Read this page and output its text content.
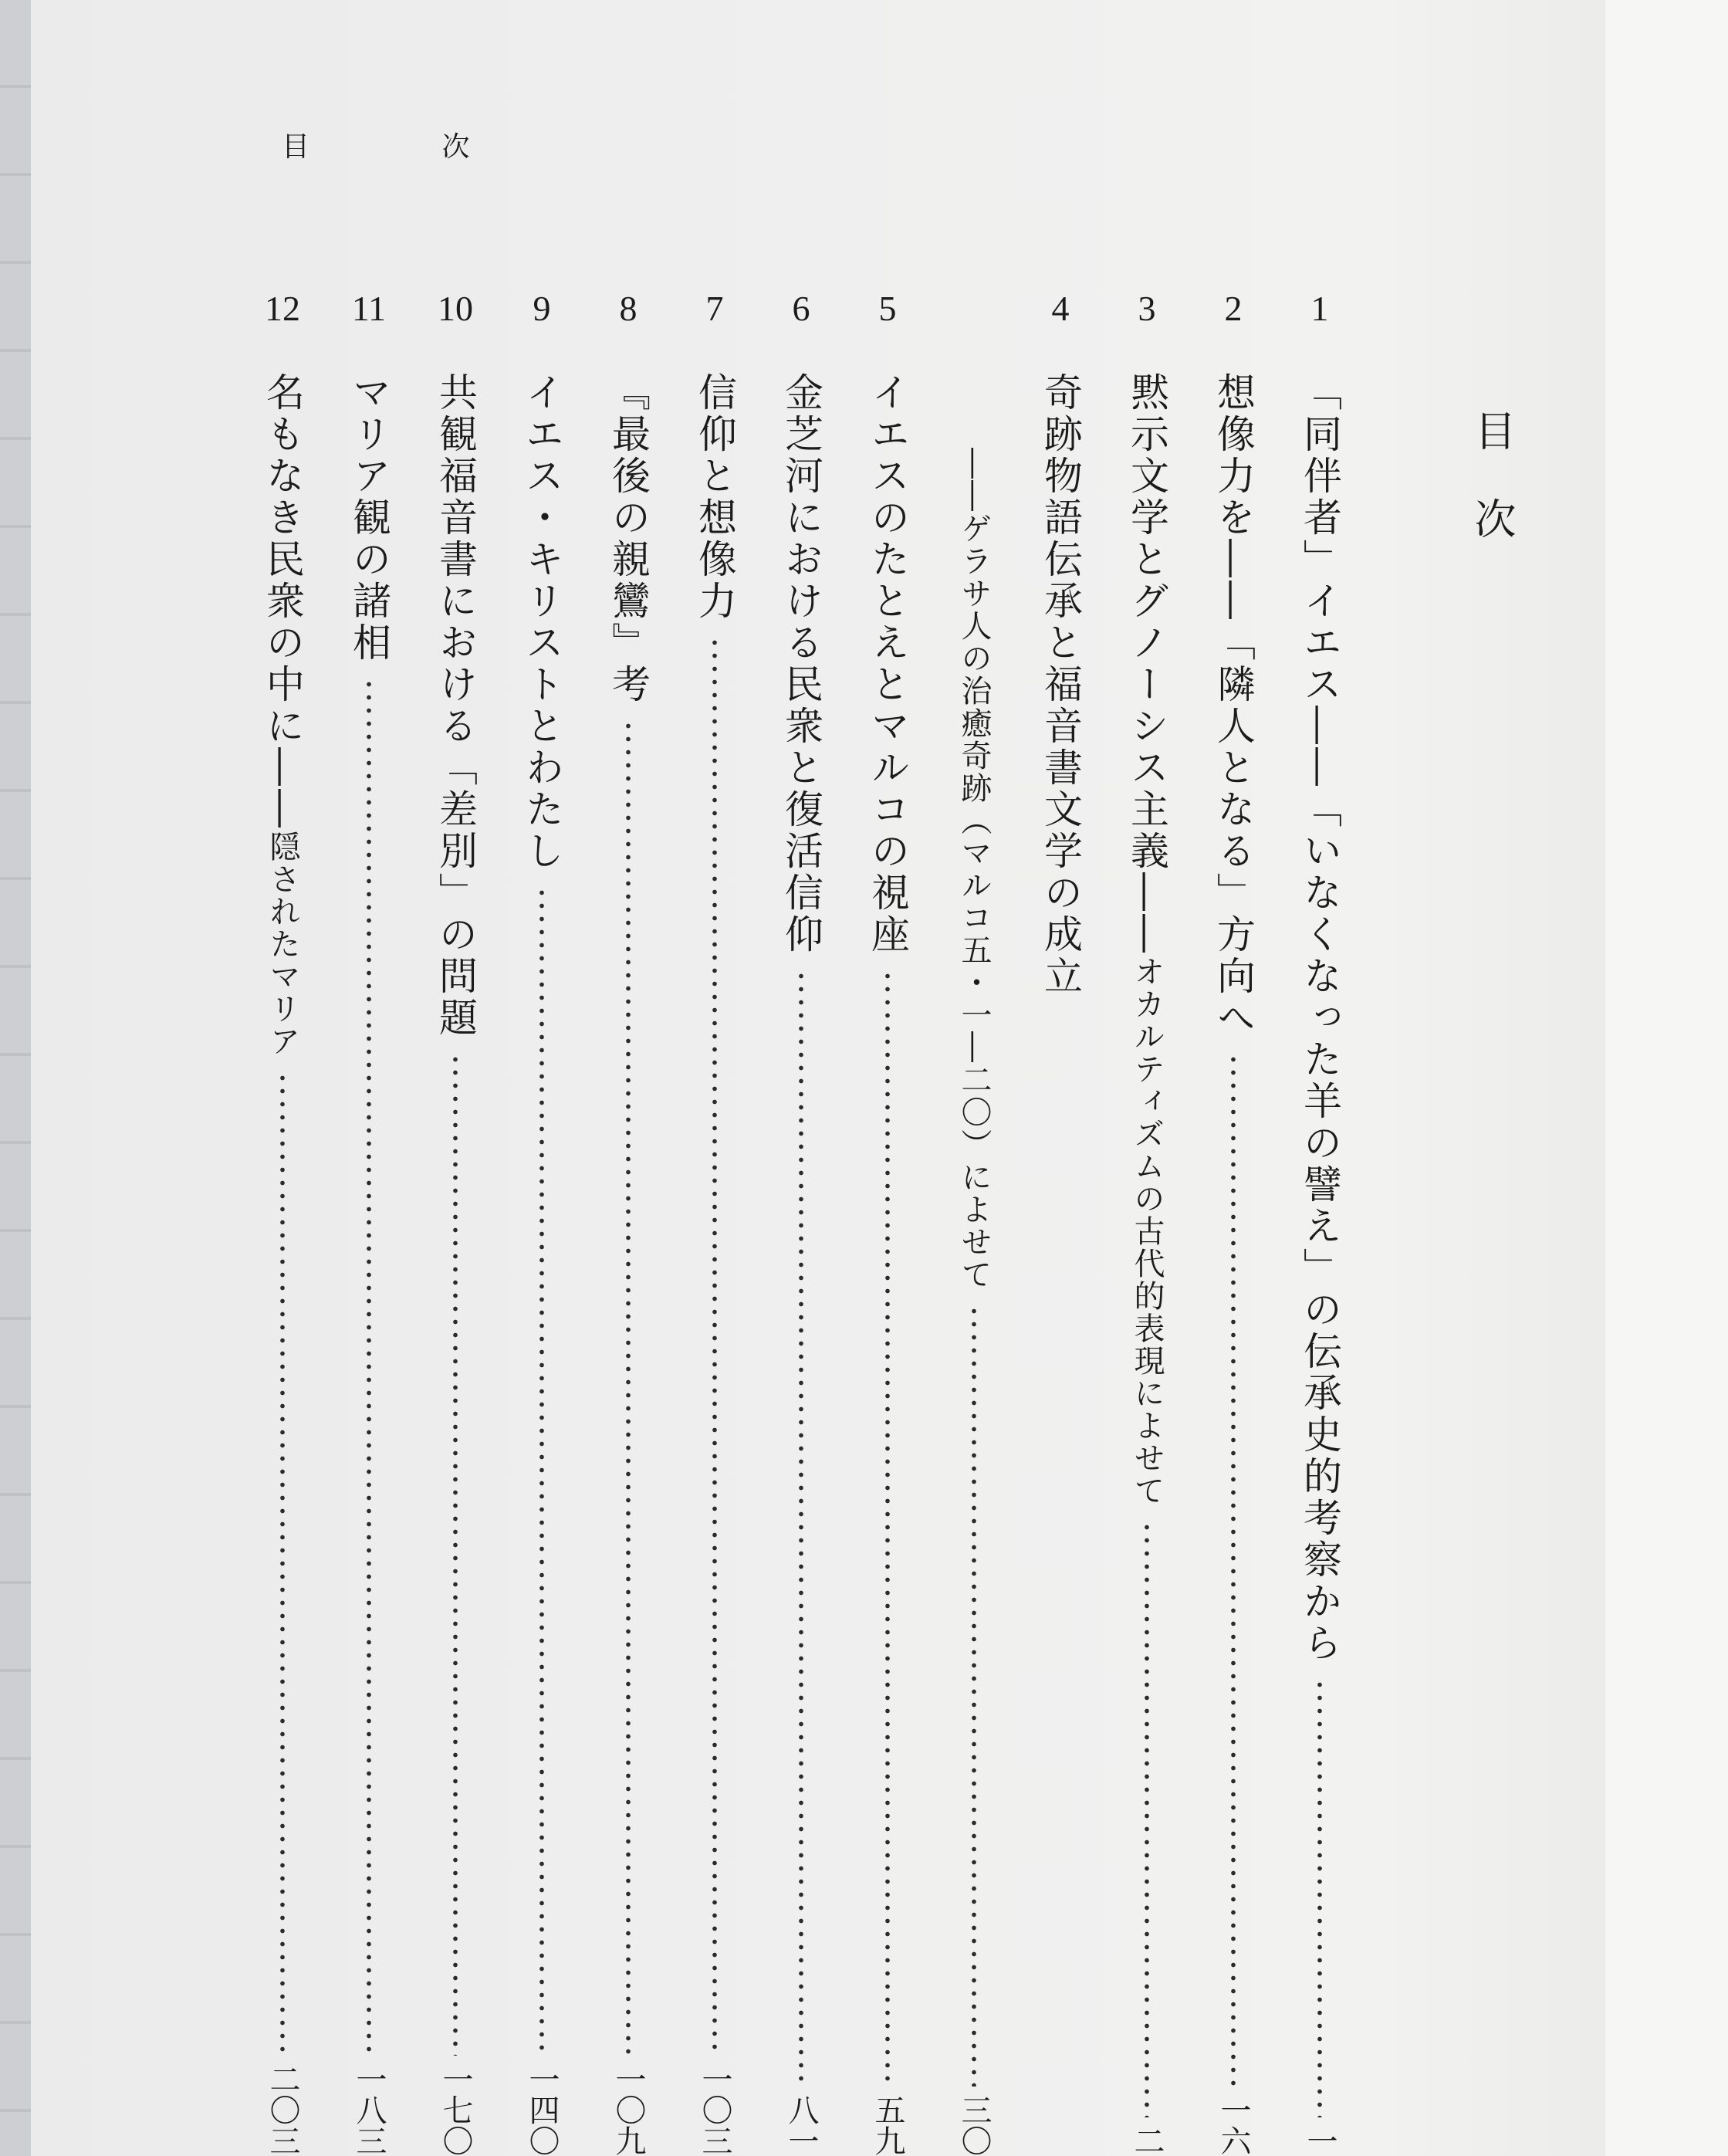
目 次
目次
1
「同伴者」イエス――「いなくなった羊の譬え」の伝承史的考察から
一
2
想像力を――「隣人となる」方向へ
一六
3
黙示文学とグノーシス主義――
オカルティズムの古代的表現によせて
二
4
奇跡物語伝承と福音書文学の成立
――ゲラサ人の治癒奇跡（マルコ五・一―二〇）によせて
三〇
5
イエスのたとえとマルコの視座
五九
6
金芝河における民衆と復活信仰
八一
7
信仰と想像力
一〇三
8
『最後の親鸞』考
一〇九
9
イエス・キリストとわたし
一四〇
10
共観福音書における「差別」の問題
一七〇
11
マリア観の諸相
一八三
12
名もなき民衆の中に――
隠されたマリア
二〇三
